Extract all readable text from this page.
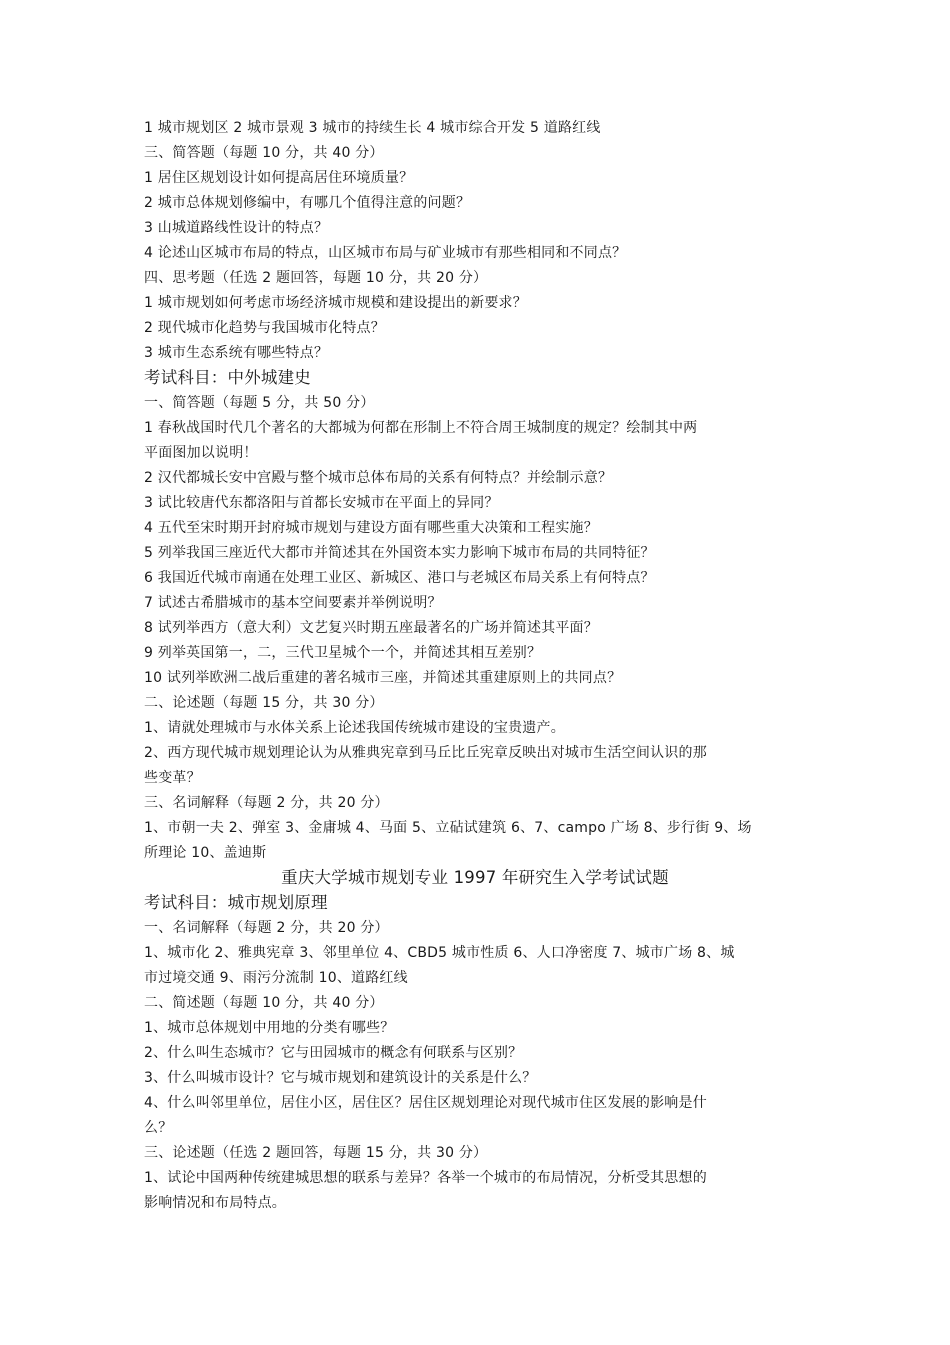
1 城市规划区 2 城市景观 3 城市的持续生长 4 城市综合开发 5 道路红线
三、简答题（每题 10 分，共 40 分）
1 居住区规划设计如何提高居住环境质量？
2 城市总体规划修编中，有哪几个值得注意的问题？
3 山城道路线性设计的特点？
4 论述山区城市布局的特点，山区城市布局与矿业城市有那些相同和不同点？
四、思考题（任选 2 题回答，每题 10 分，共 20 分）
1 城市规划如何考虑市场经济城市规模和建设提出的新要求？
2 现代城市化趋势与我国城市化特点？
3 城市生态系统有哪些特点？
考试科目：中外城建史
一、简答题（每题 5 分，共 50 分）
1 春秋战国时代几个著名的大都城为何都在形制上不符合周王城制度的规定？绘制其中两
平面图加以说明！
2 汉代都城长安中宫殿与整个城市总体布局的关系有何特点？并绘制示意？
3 试比较唐代东都洛阳与首都长安城市在平面上的异同？
4 五代至宋时期开封府城市规划与建设方面有哪些重大决策和工程实施？
5 列举我国三座近代大都市并简述其在外国资本实力影响下城市布局的共同特征？
6 我国近代城市南通在处理工业区、新城区、港口与老城区布局关系上有何特点？
7 试述古希腊城市的基本空间要素并举例说明？
8 试列举西方（意大利）文艺复兴时期五座最著名的广场并简述其平面？
9 列举英国第一，二，三代卫星城个一个，并简述其相互差别？
10 试列举欧洲二战后重建的著名城市三座，并简述其重建原则上的共同点？
二、论述题（每题 15 分，共 30 分）
1、请就处理城市与水体关系上论述我国传统城市建设的宝贵遗产。
2、西方现代城市规划理论认为从雅典宪章到马丘比丘宪章反映出对城市生活空间认识的那
些变革？
三、名词解释（每题 2 分，共 20 分）
1、市朝一夫 2、弹室 3、金庸城 4、马面 5、立砧试建筑 6、7、campo 广场 8、步行街 9、场
所理论 10、盖迪斯
重庆大学城市规划专业 1997 年研究生入学考试试题
考试科目：城市规划原理
一、名词解释（每题 2 分，共 20 分）
1、城市化 2、雅典宪章 3、邻里单位 4、CBD5 城市性质 6、人口净密度 7、城市广场 8、城
市过境交通 9、雨污分流制 10、道路红线
二、简述题（每题 10 分，共 40 分）
1、城市总体规划中用地的分类有哪些？
2、什么叫生态城市？它与田园城市的概念有何联系与区别？
3、什么叫城市设计？它与城市规划和建筑设计的关系是什么？
4、什么叫邻里单位，居住小区，居住区？居住区规划理论对现代城市住区发展的影响是什
么？
三、论述题（任选 2 题回答，每题 15 分，共 30 分）
1、试论中国两种传统建城思想的联系与差异？各举一个城市的布局情况，分析受其思想的
影响情况和布局特点。
